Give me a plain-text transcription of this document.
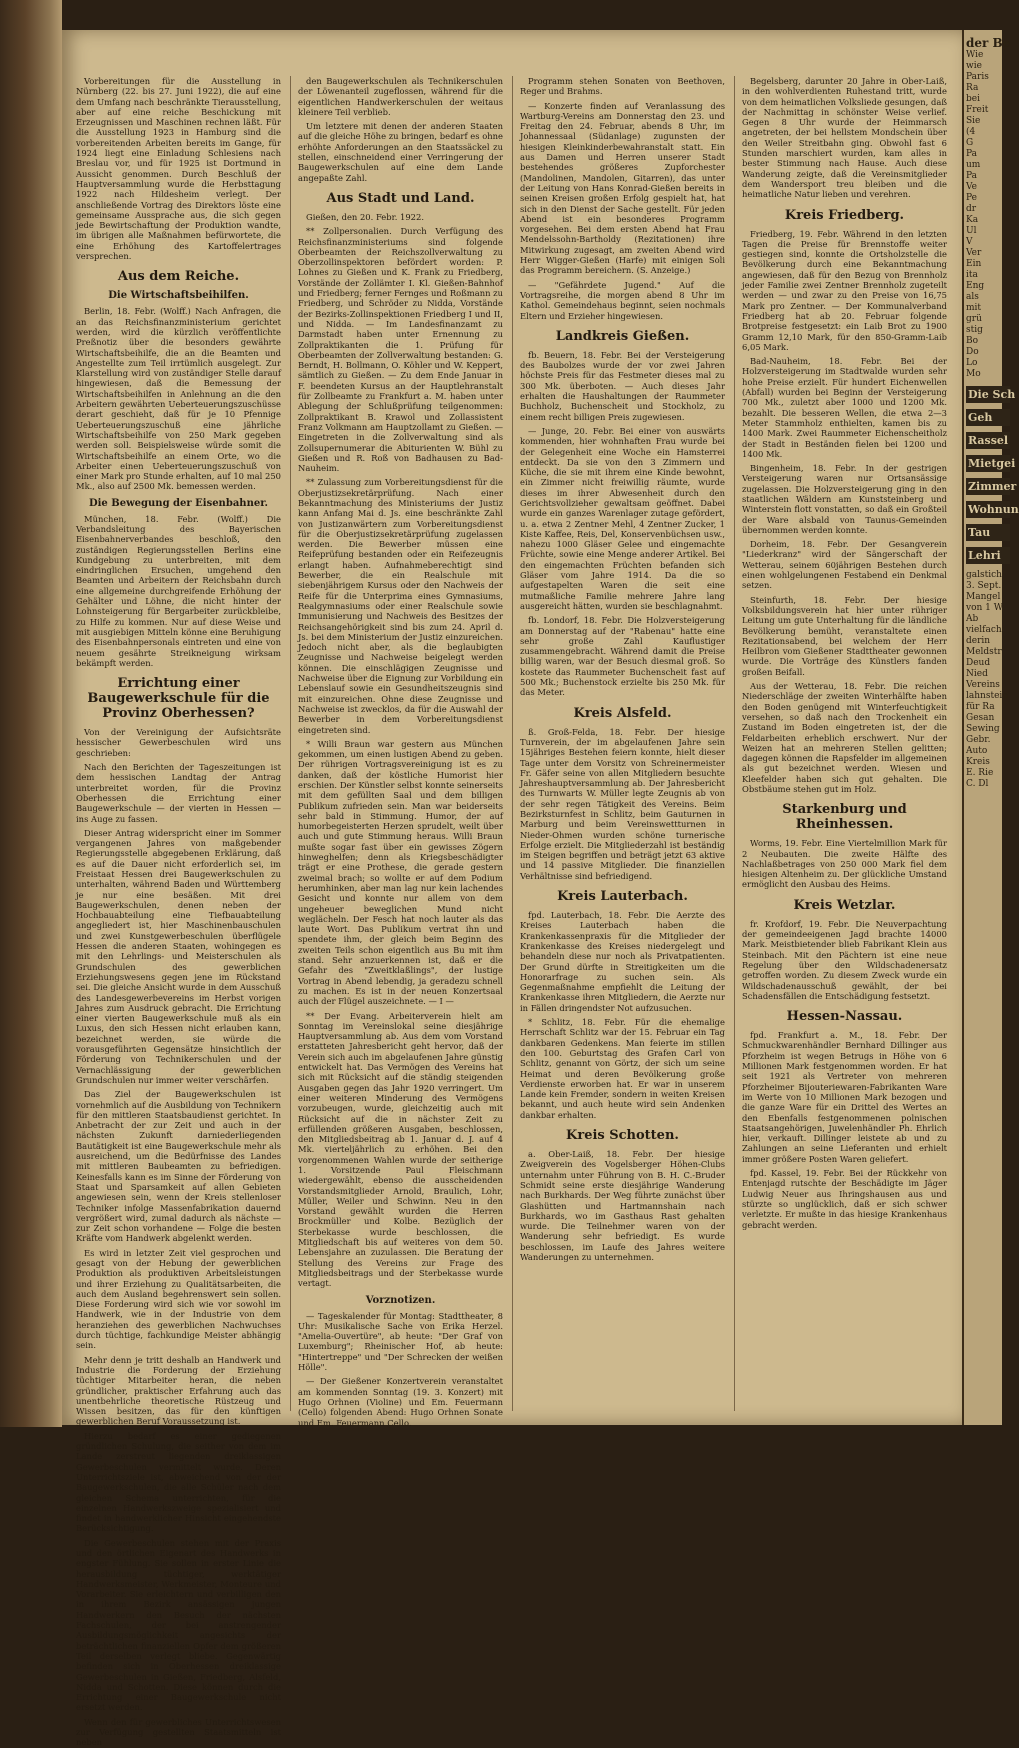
Vorbereitungen für die Ausstellung in Nürnberg (22. bis 27. Juni 1922), die auf eine dem Umfang nach beschränkte Tierausstellung, aber auf eine reiche Beschickung mit Erzeugnissen und Maschinen rechnen läßt. Für die Ausstellung 1923 in Hamburg sind die vorbereitenden Arbeiten bereits im Gange, für 1924 liegt eine Einladung Schlesiens nach Breslau vor, und für 1925 ist Dortmund in Aussicht genommen. Durch Beschluß der Hauptversammlung wurde die Herbsttagung 1922 nach Hildesheim verlegt. Der anschließende Vortrag des Direktors löste eine gemeinsame Aussprache aus, die sich gegen jede Bewirtschaftung der Produktion wandte, im übrigen alle Maßnahmen befürwortete, die eine Erhöhung des Kartoffelertrages versprechen.

Aus dem Reiche.
Die Wirtschaftsbeihilfen.

Berlin, 18. Febr. (Wolff.) Nach Anfragen, die an das Reichsfinanzministerium gerichtet werden, wird die kürzlich veröffentlichte Preßnotiz über die besonders gewährte Wirtschaftsbeihilfe, die an die Beamten und Angestellte zum Teil irrtümlich ausgelegt. Zur Klarstellung wird von zuständiger Stelle darauf hingewiesen, daß die Bemessung der Wirtschaftsbeihilfen in Anlehnung an die den Arbeitern gewährten Ueberteuerungszuschüsse derart geschieht, daß für je 10 Pfennige Ueberteuerungszuschuß eine jährliche Wirtschaftsbeihilfe von 250 Mark gegeben werden soll. Beispielsweise würde somit die Wirtschaftsbeihilfe an einem Orte, wo die Arbeiter einen Ueberteuerungszuschuß von einer Mark pro Stunde erhalten, auf 10 mal 250 Mk., also auf 2500 Mk. bemessen werden.

Die Bewegung der Eisenbahner.

München, 18. Febr. (Wolff.) Die Verbandsleitung des Bayerischen Eisenbahnerverbandes beschloß, den zuständigen Regierungsstellen Berlins eine Kundgebung zu unterbreiten, mit dem eindringlichen Ersuchen, umgehend den Beamten und Arbeitern der Reichsbahn durch eine allgemeine durchgreifende Erhöhung der Gehälter und Löhne, die nicht hinter der Lohnsteigerung für Bergarbeiter zurückbleibe, zu Hilfe zu kommen. Nur auf diese Weise und mit ausgiebigen Mitteln könne eine Beruhigung des Eisenbahnpersonals eintreten und eine von neuem gesährte Streikneigung wirksam bekämpft werden.

Errichtung einer Baugewerkschule für die Provinz Oberhessen?

Von der Vereinigung der Aufsichtsräte hessischer Gewerbeschulen wird uns geschrieben:

Nach den Berichten der Tageszeitungen ist dem hessischen Landtag der Antrag unterbreitet worden, für die Provinz Oberhessen die Errichtung einer Baugewerkschule — der vierten in Hessen — ins Auge zu fassen.

Dieser Antrag widerspricht einer im Sommer vergangenen Jahres von maßgebender Regierungsstelle abgegebenen Erklärung, daß es auf die Dauer nicht erforderlich sei, im Freistaat Hessen drei Baugewerkschulen zu unterhalten, während Baden und Württemberg je nur eine besäßen. Mit drei Baugewerkschulen, denen neben der Hochbauabteilung eine Tiefbauabteilung angegliedert ist, hier Maschinenbauschulen und zwei Kunstgewerbeschulen überflügele Hessen die anderen Staaten, wohingegen es mit den Lehrlings- und Meisterschulen als Grundschulen des gewerblichen Erziehungswesens gegen jene im Rückstand sei. Die gleiche Ansicht wurde in dem Ausschuß des Landesgewerbevereins im Herbst vorigen Jahres zum Ausdruck gebracht. Die Errichtung einer vierten Baugewerkschule muß als ein Luxus, den sich Hessen nicht erlauben kann, bezeichnet werden, sie würde die vorausgeführten Gegensätze hinsichtlich der Förderung von Technikerschulen und der Vernachlässigung der gewerblichen Grundschulen nur immer weiter verschärfen.

Das Ziel der Baugewerkschulen ist vornehmlich auf die Ausbildung von Technikern für den mittleren Staatsbaudienst gerichtet. In Anbetracht der zur Zeit und auch in der nächsten Zukunft darniederliegenden Bautätigkeit ist eine Baugewerkschule mehr als ausreichend, um die Bedürfnisse des Landes mit mittleren Baubeamten zu befriedigen. Keinesfalls kann es im Sinne der Förderung von Staat und Sparsamkeit auf allen Gebieten angewiesen sein, wenn der Kreis stellenloser Techniker infolge Massenfabrikation dauernd vergrößert wird, zumal dadurch als nächste — zur Zeit schon vorhandene — Folge die besten Kräfte vom Handwerk abgelenkt werden.

Es wird in letzter Zeit viel gesprochen und gesagt von der Hebung der gewerblichen Produktion als produktiven Arbeitsleistungen und ihrer Erziehung zu Qualitätsarbeiten, die auch dem Ausland begehrenswert sein sollen. Diese Forderung wird sich wie vor sowohl im Handwerk, wie in der Industrie von dem heranziehen des gewerblichen Nachwuchses durch tüchtige, fachkundige Meister abhängig sein.

Mehr denn je tritt deshalb an Handwerk und Industrie die Forderung der Erziehung tüchtiger Mitarbeiter heran, die neben gründlicher, praktischer Erfahrung auch das unentbehrliche theoretische Rüstzeug und Wissen besitzen, das für den künftigen gewerblichen Beruf Voraussetzung ist.

Hierzu bedarf es einer gediegenen gründlichen Schulung, die seither von dem im Lande zerstreut liegenden dreiklassigen Gewerbeschulen vermittelt wurde. Deren Unterrichtsziele ist, abweichend von der der Baugewerkschulen, die alle Schüler nach dem gleichen Schema unterrichten, für die einzelnen Handwerkszweige spezialisiert und findet in handwerklicher Hinsicht eingehendste Berücksichtigung.

Die Gewerbeschulen stehen mit der Praxis und den örtlichen Eigenart des Handwerks in engster Fühlung. Sie sollen in erster Linie die herausbildung tüchtiger, werktätiger Handwerksmeister, Werkmeister, Monteure und Vorarbeiter. Sie erleichtern und verbilligen den in ihrem Bezirk ansässigen jungen Handwerkern den Besuch der nächsten Fachschulen, der bei anstrengender Ausbildungsmöglichkeit angesichts der beträchtlichen finanziellen Opfer dem größeren Teil derselben verlegt bliebe. Gegenwärtig befinden sich in Oberhessen dreiklassige Gewerbeschulen in Gießen, Friedberg, Alsfeld, Nidda und Schotten. Diese können durch die Errichtung einer Baugewerkschule nicht ersetzt werden.

Wenn den für gewerbliches Unterrichtswesen zur Verfügung gestellten Staatsmitteln ist neben

den Baugewerkschulen als Technikerschulen der Löwenanteil zugeflossen, während für die eigentlichen Handwerkerschulen der weitaus kleinere Teil verblieb.

Um letztere mit denen der anderen Staaten auf die gleiche Höhe zu bringen, bedarf es ohne erhöhte Anforderungen an den Staatssäckel zu stellen, einschneidend einer Verringerung der Baugewerkschulen auf eine dem Lande angepaßte Zahl.

Aus Stadt und Land.

Gießen, den 20. Febr. 1922.

** Zollpersonalien. Durch Verfügung des Reichsfinanzministeriums sind folgende Oberbeamten der Reichszollverwaltung zu Oberzollinspektoren befördert worden: P. Lohnes zu Gießen und K. Frank zu Friedberg, Vorstände der Zollämter I. Kl. Gießen-Bahnhof und Friedberg; ferner Fernges und Roßmann zu Friedberg, und Schröder zu Nidda, Vorstände der Bezirks-Zollinspektionen Friedberg I und II, und Nidda. — Im Landesfinanzamt zu Darmstadt haben unter Ernennung zu Zollpraktikanten die 1. Prüfung für Oberbeamten der Zollverwaltung bestanden: G. Berndt, H. Bollmann, O. Köhler und W. Keppert, sämtlich zu Gießen. — Zu dem Ende Januar in F. beendeten Kursus an der Hauptlehranstalt für Zollbeamte zu Frankfurt a. M. haben unter Ablegung der Schlußprüfung teilgenommen: Zollpraktikant B. Krawol und Zollassistent Franz Volkmann am Hauptzollamt zu Gießen. — Eingetreten in die Zollverwaltung sind als Zollsupernumerar die Abiturienten W. Bühl zu Gießen und R. Roß von Badhausen zu Bad-Nauheim.

** Zulassung zum Vorbereitungsdienst für die Oberjustizsekretärprüfung. Nach einer Bekanntmachung des Ministeriums der Justiz kann Anfang Mai d. Js. eine beschränkte Zahl von Justizanwärtern zum Vorbereitungsdienst für die Oberjustizsekretärprüfung zugelassen werden. Die Bewerber müssen eine Reifeprüfung bestanden oder ein Reifezeugnis erlangt haben. Aufnahmeberechtigt sind Bewerber, die ein Realschule mit siebenjährigem Kursus oder den Nachweis der Reife für die Unterprima eines Gymnasiums, Realgymnasiums oder einer Realschule sowie Immunisierung und Nachweis des Besitzes der Reichsangehörigkeit sind bis zum 24. April d. Js. bei dem Ministerium der Justiz einzureichen. Jedoch nicht aber, als die beglaubigten Zeugnisse und Nachweise beigelegt werden können. Die einschlägigen Zeugnisse und Nachweise über die Eignung zur Vorbildung ein Lebenslauf sowie ein Gesundheitszeugnis sind mit einzureichen. Ohne diese Zeugnisse und Nachweise ist zwecklos, da für die Auswahl der Bewerber in dem Vorbereitungsdienst eingetreten sind.

* Willi Braun war gestern aus München gekommen, um einen lustigen Abend zu geben. Der rührigen Vortragsvereinigung ist es zu danken, daß der köstliche Humorist hier erschien. Der Künstler selbst konnte seinerseits mit dem gefüllten Saal und dem billigen Publikum zufrieden sein. Man war beiderseits sehr bald in Stimmung. Humor, der auf humorbegeisterten Herzen sprudelt, weilt über auch und gute Stimmung heraus. Willi Braun mußte sogar fast über ein gewisses Zögern hinweghelfen; denn als Kriegsbeschädigter trägt er eine Prothese, die gerade gestern zweimal brach; so wollte er auf dem Podium herumhinken, aber man lag nur kein lachendes Gesicht und konnte nur allem von dem ungeheuer beweglichen Mund nicht weglächeln. Der Fesch hat noch lauter als das laute Wort. Das Publikum vertrat ihn und spendete ihm, der gleich beim Beginn des zweiten Teils schon eigentlich aus Bu mit ihm stand. Sehr anzuerkennen ist, daß er die Gefahr des "Zweitklaßlings", der lustige Vortrag in Abend lebendig, ja geradezu schnell zu machen. Es ist in der neuen Konzertsaal auch der Flügel auszeichnete. — I —

** Der Evang. Arbeiterverein hielt am Sonntag im Vereinslokal seine diesjährige Hauptversammlung ab. Aus dem vom Vorstand erstatteten Jahresbericht geht hervor, daß der Verein sich auch im abgelaufenen Jahre günstig entwickelt hat. Das Vermögen des Vereins hat sich mit Rücksicht auf die ständig steigenden Ausgaben gegen das Jahr 1920 verringert. Um einer weiteren Minderung des Vermögens vorzubeugen, wurde, gleichzeitig auch mit Rücksicht auf die in nächster Zeit zu erfüllenden größeren Ausgaben, beschlossen, den Mitgliedsbeitrag ab 1. Januar d. J. auf 4 Mk. vierteljährlich zu erhöhen. Bei den vorgenommenen Wahlen wurde der seitherige 1. Vorsitzende Paul Fleischmann wiedergewählt, ebenso die ausscheidenden Vorstandsmitglieder Arnold, Braulich, Lohr, Müller, Weiler und Schwinn. Neu in den Vorstand gewählt wurden die Herren Brockmüller und Kolbe. Bezüglich der Sterbekasse wurde beschlossen, die Mitgliedschaft bis auf weiteres von dem 50. Lebensjahre an zuzulassen. Die Beratung der Stellung des Vereins zur Frage des Mitgliedsbeitrags und der Sterbekasse wurde vertagt.

Vorznotizen.

— Tageskalender für Montag: Stadttheater, 8 Uhr: Musikalische Sache von Erika Herzel. "Amelia-Ouvertüre", ab heute: "Der Graf von Luxemburg"; Rheinischer Hof, ab heute: "Hintertreppe" und "Der Schrecken der weißen Hölle".

— Der Gießener Konzertverein veranstaltet am kommenden Sonntag (19. 3. Konzert) mit Hugo Orhnen (Violine) und Em. Feuermann (Cello) folgenden Abend: Hugo Orhnen Sonate und Em. Feuermann Cello.

Programm stehen Sonaten von Beethoven, Reger und Brahms.

— Konzerte finden auf Veranlassung des Wartburg-Vereins am Donnerstag den 23. und Freitag den 24. Februar, abends 8 Uhr, im Johannessaal (Südanlage) zugunsten der hiesigen Kleinkinderbewahranstalt statt. Ein aus Damen und Herren unserer Stadt bestehendes größeres Zupforchester (Mandolinen, Mandolen, Gitarren), das unter der Leitung von Hans Konrad-Gießen bereits in seinen Kreisen großen Erfolg gespielt hat, hat sich in den Dienst der Sache gestellt. Für jeden Abend ist ein besonderes Programm vorgesehen. Bei dem ersten Abend hat Frau Mendelssohn-Bartholdy (Rezitationen) ihre Mitwirkung zugesagt, am zweiten Abend wird Herr Wigger-Gießen (Harfe) mit einigen Soli das Programm bereichern. (S. Anzeige.)

— "Gefährdete Jugend." Auf die Vortragsreihe, die morgen abend 8 Uhr im Kathol. Gemeindehaus beginnt, seien nochmals Eltern und Erzieher hingewiesen.

Landkreis Gießen.

fb. Beuern, 18. Febr. Bei der Versteigerung des Baubolzes wurde der vor zwei Jahren höchste Preis für das Festmeter dieses mal zu 300 Mk. überboten. — Auch dieses Jahr erhalten die Haushaltungen der Raummeter Buchholz, Buchenscheit und Stockholz, zu einem recht billigen Preis zugewiesen.

— Junge, 20. Febr. Bei einer von auswärts kommenden, hier wohnhaften Frau wurde bei der Gelegenheit eine Woche ein Hamsterrei entdeckt. Da sie von den 3 Zimmern und Küche, die sie mit ihrem eine Kinde bewohnt, ein Zimmer nicht freiwillig räumte, wurde dieses im ihrer Abwesenheit durch den Gerichtsvollzieher gewaltsam geöffnet. Dabei wurde ein ganzes Warenlager zutage gefördert, u. a. etwa 2 Zentner Mehl, 4 Zentner Zucker, 1 Kiste Kaffee, Reis, Del, Konservenbüchsen usw., nahezu 1000 Gläser Gelee und eingemachte Früchte, sowie eine Menge anderer Artikel. Bei den eingemachten Früchten befanden sich Gläser vom Jahre 1914. Da die so aufgestapelten Waren die seit eine mutmaßliche Familie mehrere Jahre lang ausgereicht hätten, wurden sie beschlagnahmt.

fb. Londorf, 18. Febr. Die Holzversteigerung am Donnerstag auf der "Rabenau" hatte eine sehr große Zahl Kauflustiger zusammengebracht. Während damit die Preise billig waren, war der Besuch diesmal groß. So kostete das Raummeter Buchenscheit fast auf 500 Mk.; Buchenstock erzielte bis 250 Mk. für das Meter.

Kreis Alsfeld.

ß. Groß-Felda, 18. Febr. Der hiesige Turnverein, der im abgelaufenen Jahre sein 15jähriges Bestehen feiern konnte, hielt dieser Tage unter dem Vorsitz von Schreinermeister Fr. Gäfer seine von allen Mitgliedern besuchte Jahreshauptversammlung ab. Der Jahresbericht des Turnwarts W. Müller legte Zeugnis ab von der sehr regen Tätigkeit des Vereins. Beim Bezirksturnfest in Schlitz, beim Gauturnen in Marburg und beim Vereinswettturnen in Nieder-Ohmen wurden schöne turnerische Erfolge erzielt. Die Mitgliederzahl ist beständig im Steigen begriffen und beträgt jetzt 63 aktive und 14 passive Mitglieder. Die finanziellen Verhältnisse sind befriedigend.

Kreis Lauterbach.

fpd. Lauterbach, 18. Febr. Die Aerzte des Kreises Lauterbach haben die Krankenkassenpraxis für die Mitglieder der Krankenkasse des Kreises niedergelegt und behandeln diese nur noch als Privatpatienten. Der Grund dürfte in Streitigkeiten um die Honorarfrage zu suchen sein. Als Gegenmaßnahme empfiehlt die Leitung der Krankenkasse ihren Mitgliedern, die Aerzte nur in Fällen dringendster Not aufzusuchen.

* Schlitz, 18. Febr. Für die ehemalige Herrschaft Schlitz war der 15. Februar ein Tag dankbaren Gedenkens. Man feierte im stillen den 100. Geburtstag des Grafen Carl von Schlitz, genannt von Görtz, der sich um seine Heimat und deren Bevölkerung große Verdienste erworben hat. Er war in unserem Lande kein Fremder, sondern in weiten Kreisen bekannt, und auch heute wird sein Andenken dankbar erhalten.

Kreis Schotten.

a. Ober-Laiß, 18. Febr. Der hiesige Zweigverein des Vogelsberger Höhen-Clubs unternahm unter Führung von B. H. C.-Bruder Schmidt seine erste diesjährige Wanderung nach Burkhards. Der Weg führte zunächst über Glashütten und Hartmannshain nach Burkhards, wo im Gasthaus Rast gehalten wurde. Die Teilnehmer waren von der Wanderung sehr befriedigt. Es wurde beschlossen, im Laufe des Jahres weitere Wanderungen zu unternehmen.

Begelsberg, darunter 20 Jahre in Ober-Laiß, in den wohlverdienten Ruhestand tritt, wurde von dem heimatlichen Volksliede gesungen, daß der Nachmittag in schönster Weise verlief. Gegen 8 Uhr wurde der Heimmarsch angetreten, der bei hellstem Mondschein über den Weiler Streitbahn ging. Obwohl fast 6 Stunden marschiert wurden, kam alles in bester Stimmung nach Hause. Auch diese Wanderung zeigte, daß die Vereinsmitglieder dem Wandersport treu bleiben und die heimatliche Natur lieben und verehren.

Kreis Friedberg.

Friedberg, 19. Febr. Während in den letzten Tagen die Preise für Brennstoffe weiter gestiegen sind, konnte die Ortsholzstelle die Bevölkerung durch eine Bekanntmachung angewiesen, daß für den Bezug von Brennholz jeder Familie zwei Zentner Brennholz zugeteilt werden — und zwar zu den Preise von 16,75 Mark pro Zentner. — Der Kommunalverband Friedberg hat ab 20. Februar folgende Brotpreise festgesetzt: ein Laib Brot zu 1900 Gramm 12,10 Mark, für den 850-Gramm-Laib 6,05 Mark.

Bad-Nauheim, 18. Febr. Bei der Holzversteigerung im Stadtwalde wurden sehr hohe Preise erzielt. Für hundert Eichenwellen (Abfall) wurden bei Beginn der Versteigerung 700 Mk., zuletzt aber 1000 und 1200 Mk. bezahlt. Die besseren Wellen, die etwa 2—3 Meter Stammholz enthielten, kamen bis zu 1400 Mark. Zwei Raummeter Eichenscheitholz der Stadt in Beständen fielen bei 1200 und 1400 Mk.

Bingenheim, 18. Febr. In der gestrigen Versteigerung waren nur Ortsansässige zugelassen. Die Holzversteigerung ging in den staatlichen Wäldern am Kunststeinberg und Winterstein flott vonstatten, so daß ein Großteil der Ware alsbald von Taunus-Gemeinden übernommen werden konnte.

Dorheim, 18. Febr. Der Gesangverein "Liederkranz" wird der Sängerschaft der Wetterau, seinem 60jährigen Bestehen durch einen wohlgelungenen Festabend ein Denkmal setzen.

Steinfurth, 18. Febr. Der hiesige Volksbildungsverein hat hier unter rühriger Leitung um gute Unterhaltung für die ländliche Bevölkerung bemüht, veranstaltete einen Rezitationsabend, bei welchem der Herr Heilbron vom Gießener Stadttheater gewonnen wurde. Die Vorträge des Künstlers fanden großen Beifall.

Aus der Wetterau, 18. Febr. Die reichen Niederschläge der zweiten Winterhälfte haben den Boden genügend mit Winterfeuchtigkeit versehen, so daß nach den Trockenheit ein Zustand im Boden eingetreten ist, der die Feldarbeiten erheblich erschwert. Nur der Weizen hat an mehreren Stellen gelitten; dagegen können die Rapsfelder im allgemeinen als gut bezeichnet werden. Wiesen und Kleefelder haben sich gut gehalten. Die Obstbäume stehen gut im Holz.

Starkenburg und Rheinhessen.

Worms, 19. Febr. Eine Viertelmillion Mark für 2 Neubauten. Die zweite Hälfte des Nachlaßbetrages von 250 000 Mark fiel dem hiesigen Altenheim zu. Der glückliche Umstand ermöglicht den Ausbau des Heims.

Kreis Wetzlar.

fr. Krofdorf, 19. Febr. Die Neuverpachtung der gemeindeeigenen Jagd brachte 14000 Mark. Meistbietender blieb Fabrikant Klein aus Steinbach. Mit den Pächtern ist eine neue Regelung über den Wildschadenersatz getroffen worden. Zu diesem Zweck wurde ein Wildschadenausschuß gewählt, der bei Schadensfällen die Entschädigung festsetzt.

Hessen-Nassau.

fpd. Frankfurt a. M., 18. Febr. Der Schmuckwarenhändler Bernhard Dillinger aus Pforzheim ist wegen Betrugs in Höhe von 6 Millionen Mark festgenommen worden. Er hat seit 1921 als Vertreter von mehreren Pforzheimer Bijouteriewaren-Fabrikanten Ware im Werte von 10 Millionen Mark bezogen und die ganze Ware für ein Drittel des Wertes an den Ebenfalls festgenommenen polnischen Staatsangehörigen, Juwelenhändler Ph. Ehrlich hier, verkauft. Dillinger leistete ab und zu Zahlungen an seine Lieferanten und erhielt immer größere Posten Waren geliefert.

fpd. Kassel, 19. Febr. Bei der Rückkehr von Entenjagd rutschte der Beschädigte im Jäger Ludwig Neuer aus Ihringshausen aus und stürzte so unglücklich, daß er sich schwer verletzte. Er mußte in das hiesige Krankenhaus gebracht werden.

der Be
Wie
wie
Paris
Ra
bei
Freit
Sie
(4
G
Pa
um
Pa
Ve
Pe
dr
Ka
Ul
V
Ver
Ein
ita
Eng
als
mit
grü
stig
Bo
Do
Lo
Mo
Die Sch
Geh
Rassel
Mietgei
Zimmer
Wohnun
Tau
Lehri
galstich
3. Sept.
Mangel
von 1 W
Ab
vielfach
derin
Meldstr
Deud
Nied
Vereins
lahnstein
für Ra
Gesan
Sewing
Gebr.
Auto
Kreis
E. Rie
C. Dl
